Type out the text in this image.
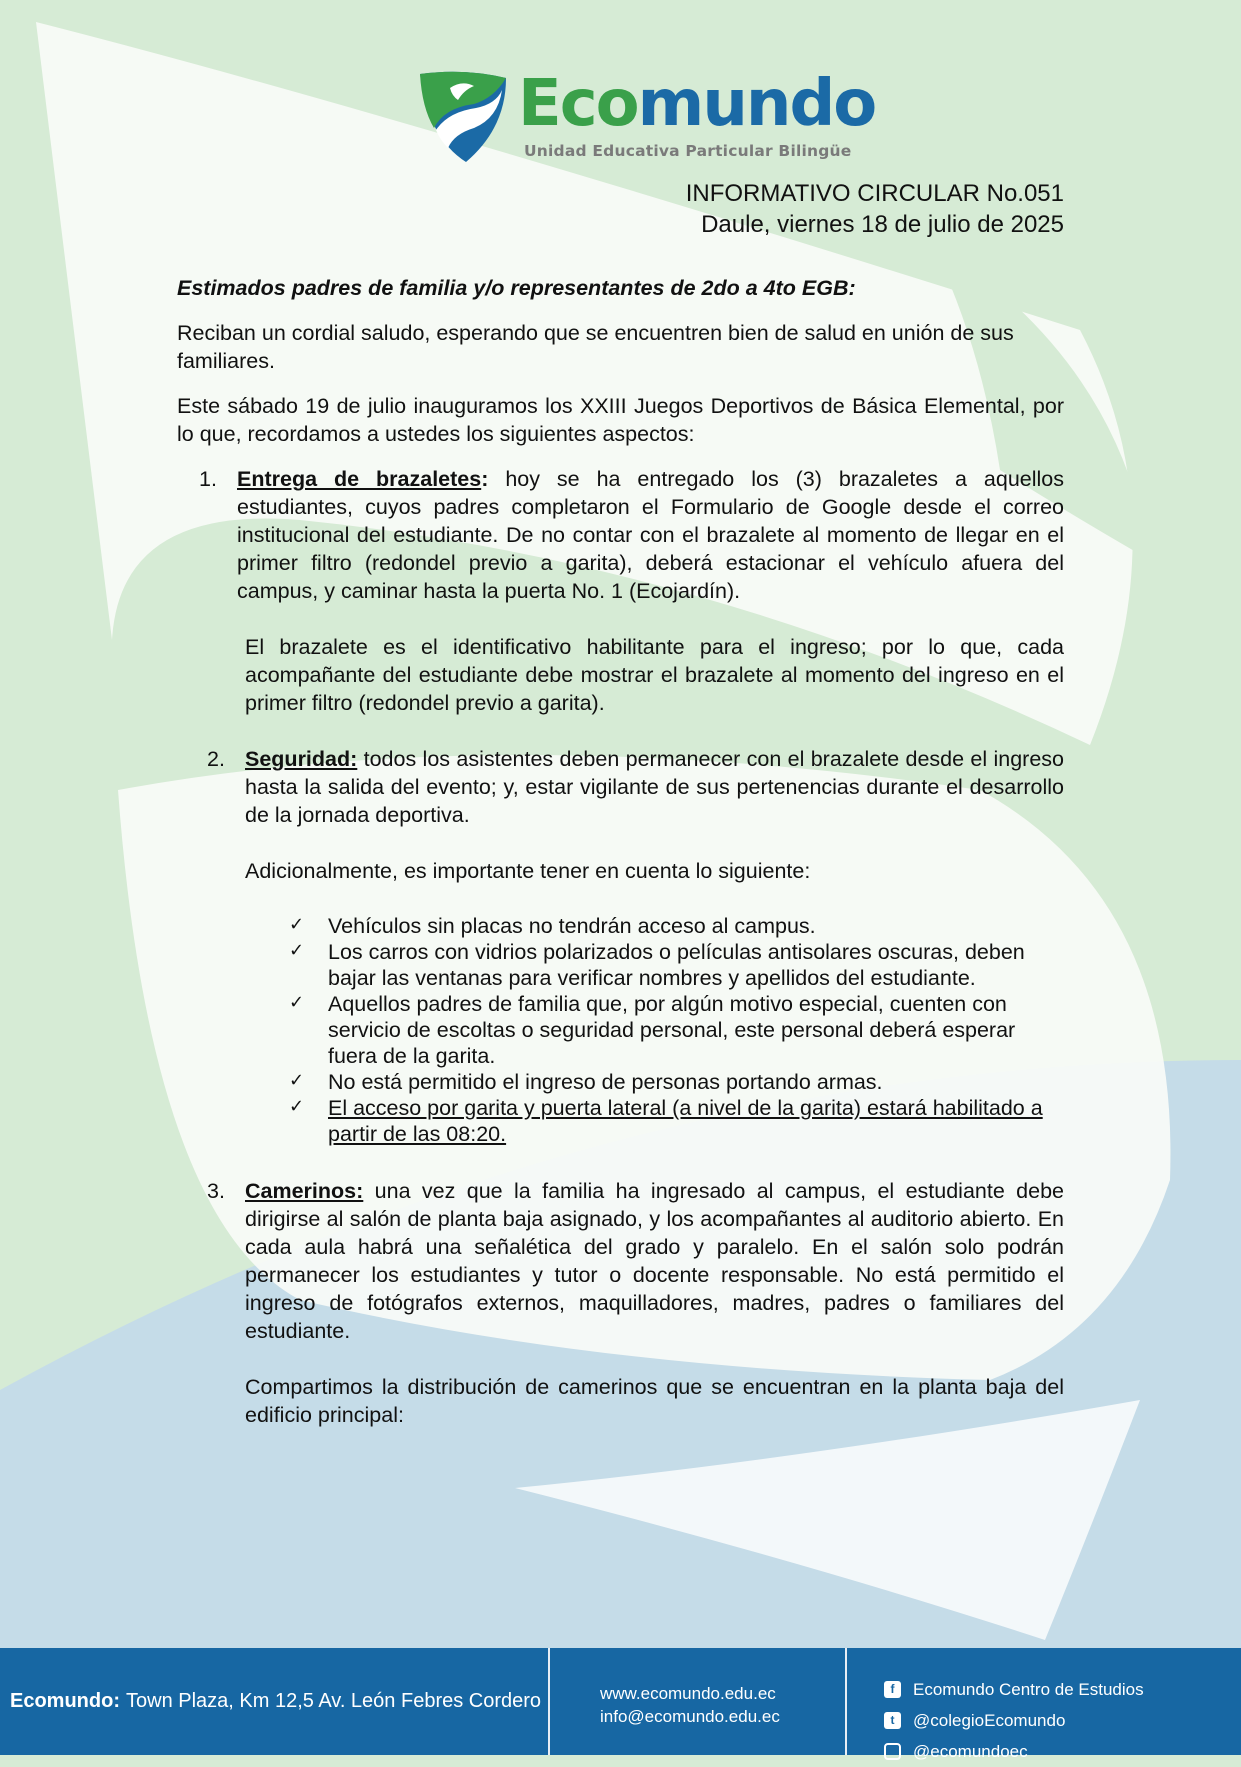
Ecomundo
Unidad Educativa Particular Bilingüe
INFORMATIVO CIRCULAR No.051
Daule, viernes 18 de julio de 2025

Estimados padres de familia y/o representantes de 2do a 4to EGB:

Reciban un cordial saludo, esperando que se encuentren bien de salud en unión de sus familiares.

Este sábado 19 de julio inauguramos los XXIII Juegos Deportivos de Básica Elemental, por lo que, recordamos a ustedes los siguientes aspectos:

1. Entrega de brazaletes: hoy se ha entregado los (3) brazaletes a aquellos estudiantes, cuyos padres completaron el Formulario de Google desde el correo institucional del estudiante. De no contar con el brazalete al momento de llegar en el primer filtro (redondel previo a garita), deberá estacionar el vehículo afuera del campus, y caminar hasta la puerta No. 1 (Ecojardín).
El brazalete es el identificativo habilitante para el ingreso; por lo que, cada acompañante del estudiante debe mostrar el brazalete al momento del ingreso en el primer filtro (redondel previo a garita).
2. Seguridad: todos los asistentes deben permanecer con el brazalete desde el ingreso hasta la salida del evento; y, estar vigilante de sus pertenencias durante el desarrollo de la jornada deportiva.
Adicionalmente, es importante tener en cuenta lo siguiente:
✓ Vehículos sin placas no tendrán acceso al campus.
✓ Los carros con vidrios polarizados o películas antisolares oscuras, deben bajar las ventanas para verificar nombres y apellidos del estudiante.
✓ Aquellos padres de familia que, por algún motivo especial, cuenten con servicio de escoltas o seguridad personal, este personal deberá esperar fuera de la garita.
✓ No está permitido el ingreso de personas portando armas.
✓ El acceso por garita y puerta lateral (a nivel de la garita) estará habilitado a partir de las 08:20.
3. Camerinos: una vez que la familia ha ingresado al campus, el estudiante debe dirigirse al salón de planta baja asignado, y los acompañantes al auditorio abierto. En cada aula habrá una señalética del grado y paralelo. En el salón solo podrán permanecer los estudiantes y tutor o docente responsable. No está permitido el ingreso de fotógrafos externos, maquilladores, madres, padres o familiares del estudiante.
Compartimos la distribución de camerinos que se encuentran en la planta baja del edificio principal:
Ecomundo: Town Plaza, Km 12,5 Av. León Febres Cordero	www.ecomundo.edu.ec
info@ecomundo.edu.ec
f	Ecomundo Centro de Estudios
t	@colegioEcomundo
@ecomundoec
